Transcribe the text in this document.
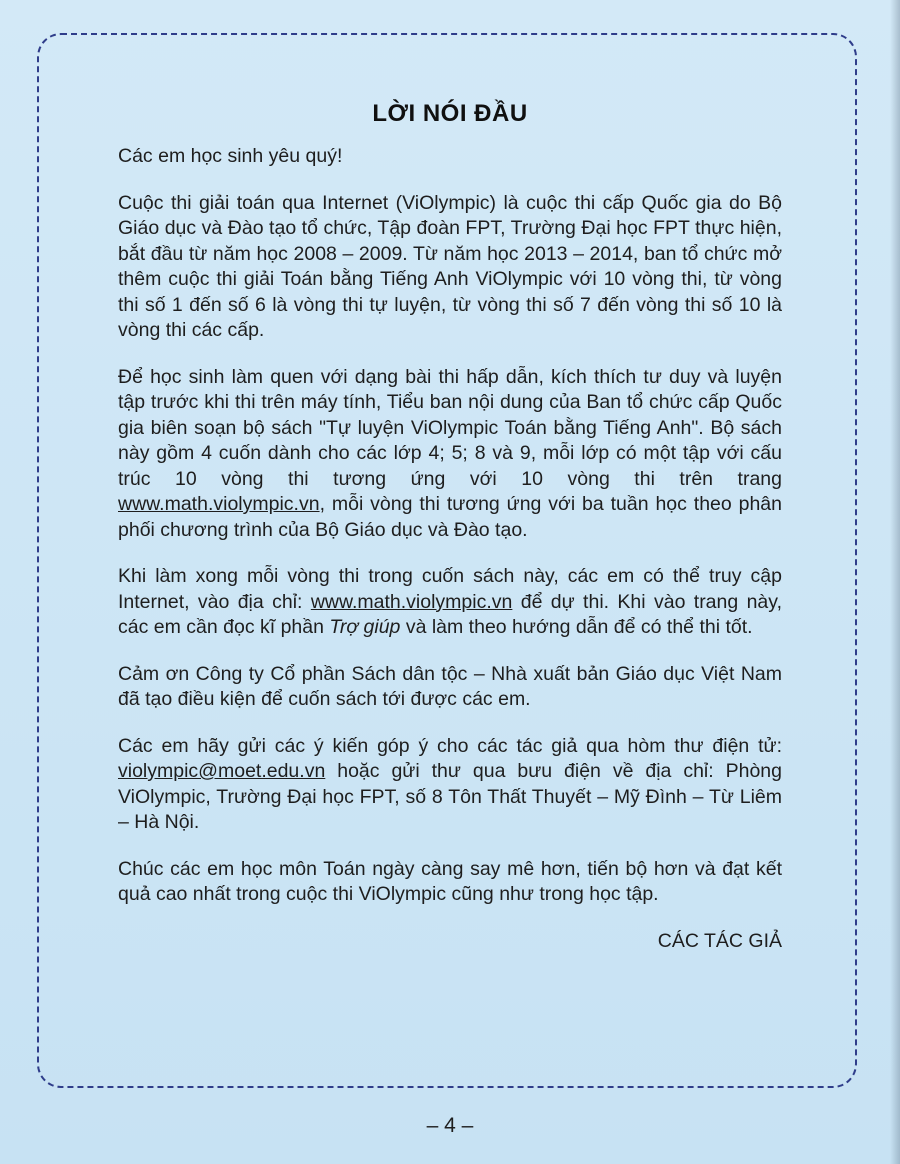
LỜI NÓI ĐẦU

Các em học sinh yêu quý!

Cuộc thi giải toán qua Internet (ViOlympic) là cuộc thi cấp Quốc gia do Bộ Giáo dục và Đào tạo tổ chức, Tập đoàn FPT, Trường Đại học FPT thực hiện, bắt đầu từ năm học 2008 – 2009. Từ năm học 2013 – 2014, ban tổ chức mở thêm cuộc thi giải Toán bằng Tiếng Anh ViOlympic với 10 vòng thi, từ vòng thi số 1 đến số 6 là vòng thi tự luyện, từ vòng thi số 7 đến vòng thi số 10 là vòng thi các cấp.

Để học sinh làm quen với dạng bài thi hấp dẫn, kích thích tư duy và luyện tập trước khi thi trên máy tính, Tiểu ban nội dung của Ban tổ chức cấp Quốc gia biên soạn bộ sách "Tự luyện ViOlympic Toán bằng Tiếng Anh". Bộ sách này gồm 4 cuốn dành cho các lớp 4; 5; 8 và 9, mỗi lớp có một tập với cấu trúc 10 vòng thi tương ứng với 10 vòng thi trên trang www.math.violympic.vn, mỗi vòng thi tương ứng với ba tuần học theo phân phối chương trình của Bộ Giáo dục và Đào tạo.

Khi làm xong mỗi vòng thi trong cuốn sách này, các em có thể truy cập Internet, vào địa chỉ: www.math.violympic.vn để dự thi. Khi vào trang này, các em cần đọc kĩ phần Trợ giúp và làm theo hướng dẫn để có thể thi tốt.

Cảm ơn Công ty Cổ phần Sách dân tộc – Nhà xuất bản Giáo dục Việt Nam đã tạo điều kiện để cuốn sách tới được các em.

Các em hãy gửi các ý kiến góp ý cho các tác giả qua hòm thư điện tử: violympic@moet.edu.vn hoặc gửi thư qua bưu điện về địa chỉ: Phòng ViOlympic, Trường Đại học FPT, số 8 Tôn Thất Thuyết – Mỹ Đình – Từ Liêm – Hà Nội.

Chúc các em học môn Toán ngày càng say mê hơn, tiến bộ hơn và đạt kết quả cao nhất trong cuộc thi ViOlympic cũng như trong học tập.

CÁC TÁC GIẢ
– 4 –
